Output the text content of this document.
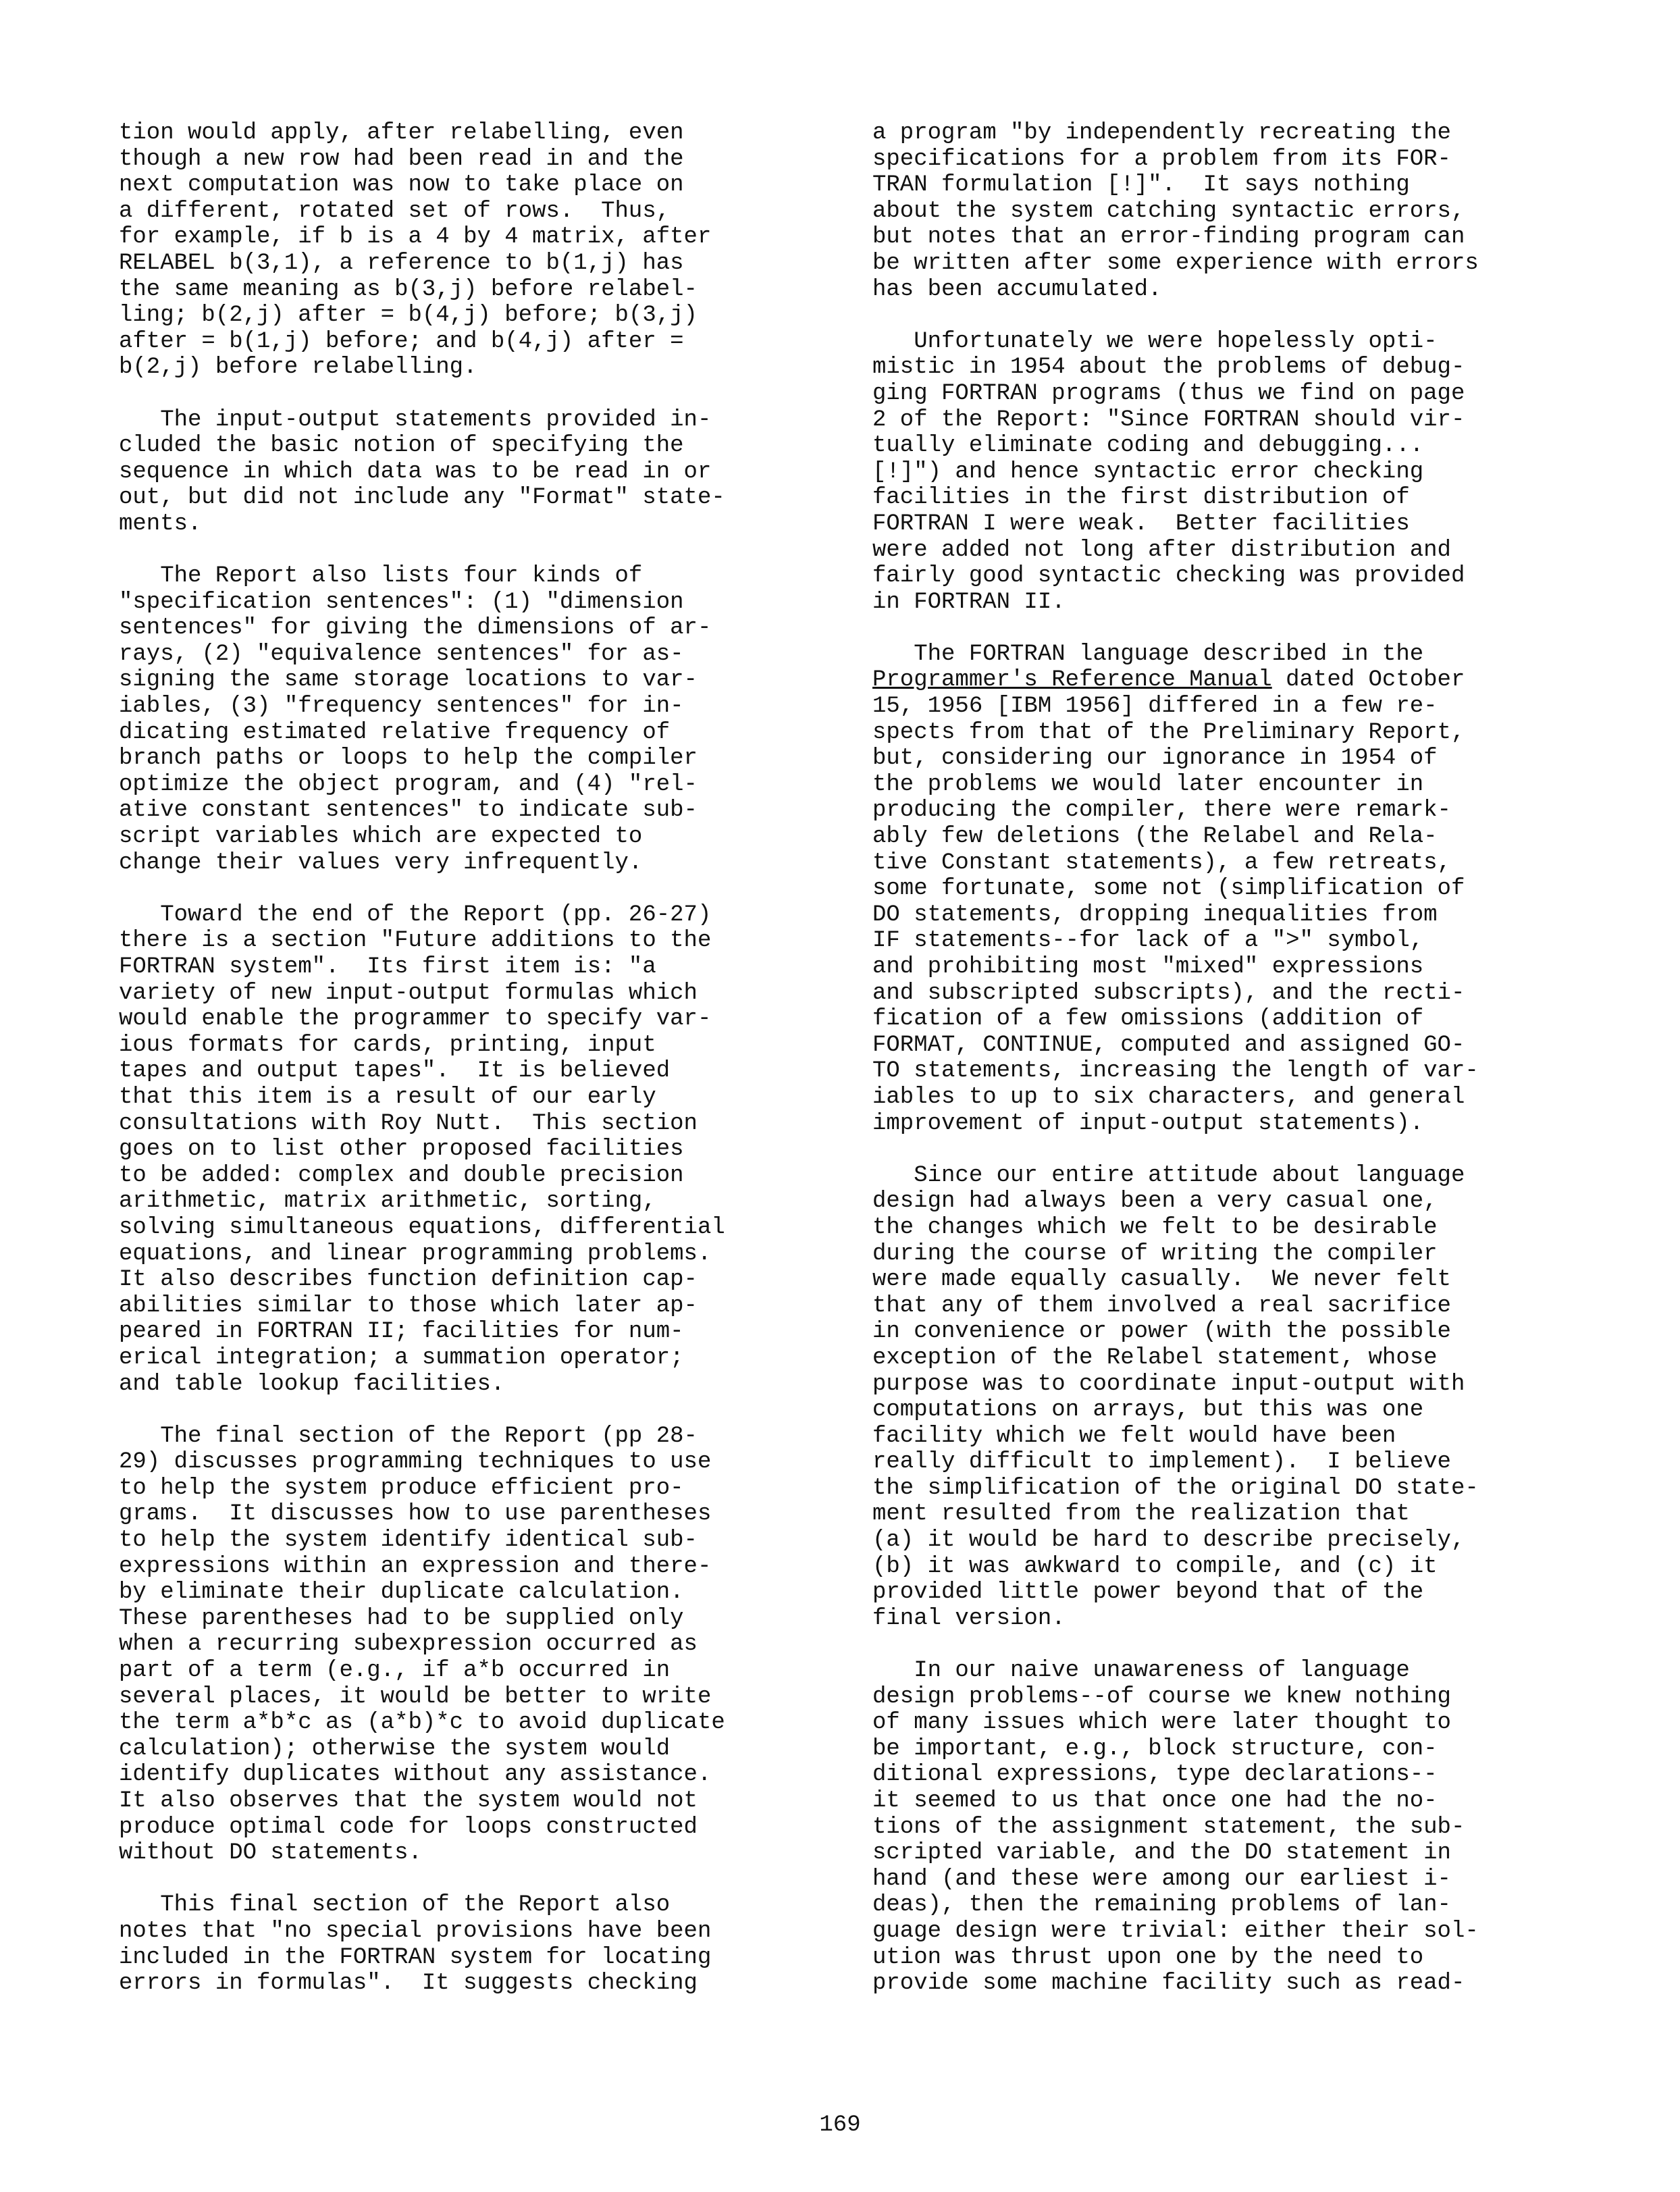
tion would apply, after relabelling, even
though a new row had been read in and the
next computation was now to take place on
a different, rotated set of rows.  Thus,
for example, if b is a 4 by 4 matrix, after
RELABEL b(3,1), a reference to b(1,j) has
the same meaning as b(3,j) before relabel-
ling; b(2,j) after = b(4,j) before; b(3,j)
after = b(1,j) before; and b(4,j) after =
b(2,j) before relabelling.
The input-output statements provided in-
cluded the basic notion of specifying the
sequence in which data was to be read in or
out, but did not include any "Format" state-
ments.
The Report also lists four kinds of
"specification sentences": (1) "dimension
sentences" for giving the dimensions of ar-
rays, (2) "equivalence sentences" for as-
signing the same storage locations to var-
iables, (3) "frequency sentences" for in-
dicating estimated relative frequency of
branch paths or loops to help the compiler
optimize the object program, and (4) "rel-
ative constant sentences" to indicate sub-
script variables which are expected to
change their values very infrequently.
Toward the end of the Report (pp. 26-27)
there is a section "Future additions to the
FORTRAN system".  Its first item is: "a
variety of new input-output formulas which
would enable the programmer to specify var-
ious formats for cards, printing, input
tapes and output tapes".  It is believed
that this item is a result of our early
consultations with Roy Nutt.  This section
goes on to list other proposed facilities
to be added: complex and double precision
arithmetic, matrix arithmetic, sorting,
solving simultaneous equations, differential
equations, and linear programming problems.
It also describes function definition cap-
abilities similar to those which later ap-
peared in FORTRAN II; facilities for num-
erical integration; a summation operator;
and table lookup facilities.
The final section of the Report (pp 28-
29) discusses programming techniques to use
to help the system produce efficient pro-
grams.  It discusses how to use parentheses
to help the system identify identical sub-
expressions within an expression and there-
by eliminate their duplicate calculation.
These parentheses had to be supplied only
when a recurring subexpression occurred as
part of a term (e.g., if a*b occurred in
several places, it would be better to write
the term a*b*c as (a*b)*c to avoid duplicate
calculation); otherwise the system would
identify duplicates without any assistance.
It also observes that the system would not
produce optimal code for loops constructed
without DO statements.
This final section of the Report also
notes that "no special provisions have been
included in the FORTRAN system for locating
errors in formulas".  It suggests checking
a program "by independently recreating the
specifications for a problem from its FOR-
TRAN formulation [!]".  It says nothing
about the system catching syntactic errors,
but notes that an error-finding program can
be written after some experience with errors
has been accumulated.
Unfortunately we were hopelessly opti-
mistic in 1954 about the problems of debug-
ging FORTRAN programs (thus we find on page
2 of the Report: "Since FORTRAN should vir-
tually eliminate coding and debugging...
[!]") and hence syntactic error checking
facilities in the first distribution of
FORTRAN I were weak.  Better facilities
were added not long after distribution and
fairly good syntactic checking was provided
in FORTRAN II.
The FORTRAN language described in the
Programmer's Reference Manual dated October
15, 1956 [IBM 1956] differed in a few re-
spects from that of the Preliminary Report,
but, considering our ignorance in 1954 of
the problems we would later encounter in
producing the compiler, there were remark-
ably few deletions (the Relabel and Rela-
tive Constant statements), a few retreats,
some fortunate, some not (simplification of
DO statements, dropping inequalities from
IF statements--for lack of a ">" symbol,
and prohibiting most "mixed" expressions
and subscripted subscripts), and the recti-
fication of a few omissions (addition of
FORMAT, CONTINUE, computed and assigned GO-
TO statements, increasing the length of var-
iables to up to six characters, and general
improvement of input-output statements).
Since our entire attitude about language
design had always been a very casual one,
the changes which we felt to be desirable
during the course of writing the compiler
were made equally casually.  We never felt
that any of them involved a real sacrifice
in convenience or power (with the possible
exception of the Relabel statement, whose
purpose was to coordinate input-output with
computations on arrays, but this was one
facility which we felt would have been
really difficult to implement).  I believe
the simplification of the original DO state-
ment resulted from the realization that
(a) it would be hard to describe precisely,
(b) it was awkward to compile, and (c) it
provided little power beyond that of the
final version.
In our naive unawareness of language
design problems--of course we knew nothing
of many issues which were later thought to
be important, e.g., block structure, con-
ditional expressions, type declarations--
it seemed to us that once one had the no-
tions of the assignment statement, the sub-
scripted variable, and the DO statement in
hand (and these were among our earliest i-
deas), then the remaining problems of lan-
guage design were trivial: either their sol-
ution was thrust upon one by the need to
provide some machine facility such as read-
169
